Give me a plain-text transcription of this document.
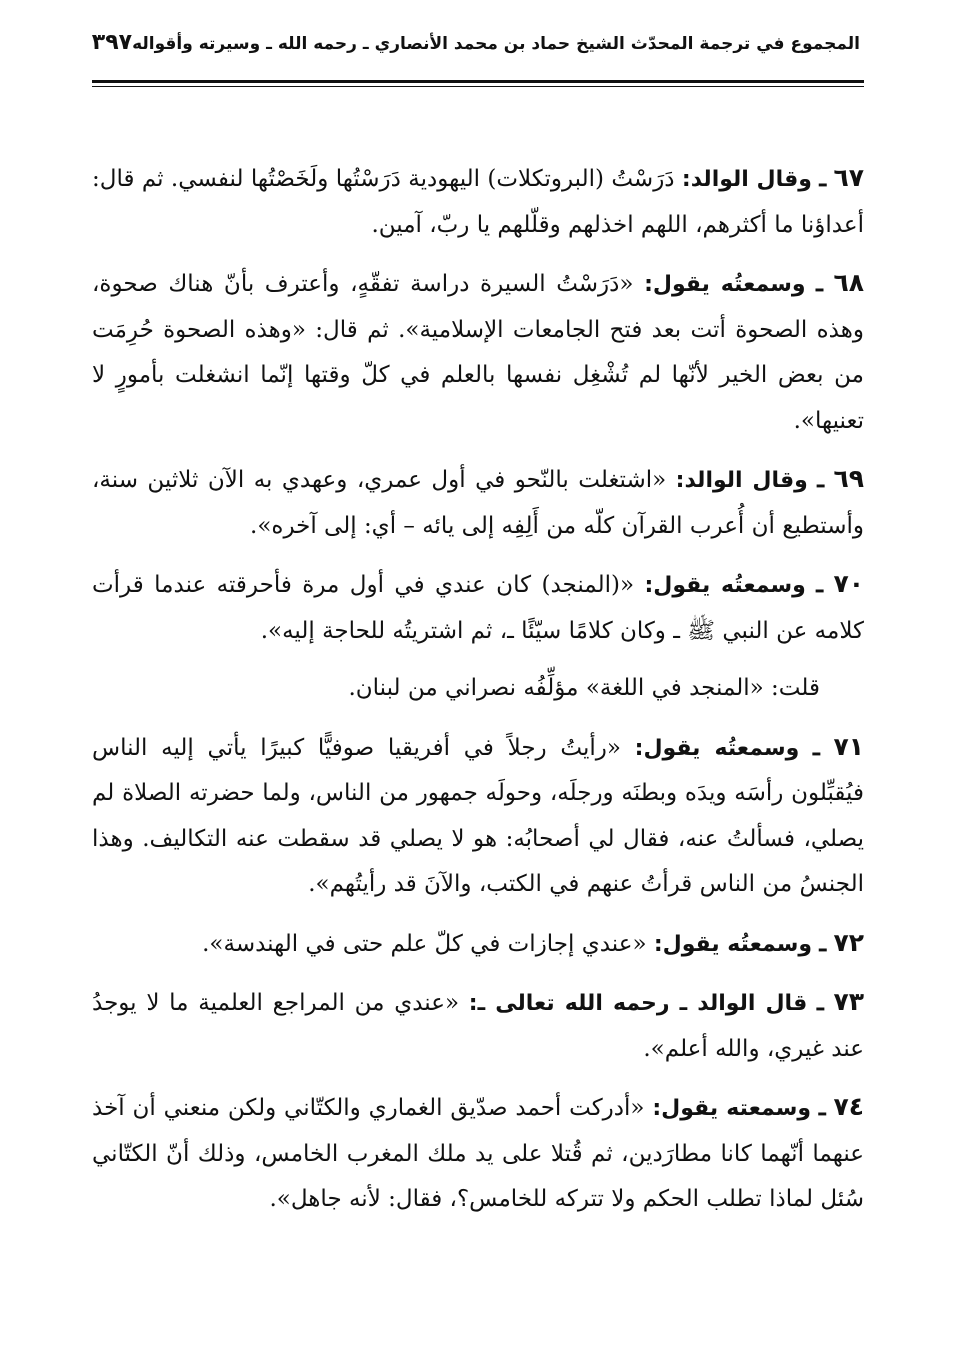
المجموع في ترجمة المحدّث الشيخ حماد بن محمد الأنصاري ـ رحمه الله ـ وسيرته وأقواله
٣٩٧

٦٧ ـ وقال الوالد: دَرَسْتُ (البروتكلات) اليهودية دَرَسْتُها ولَخَصْتُها لنفسي. ثم قال: أعداؤنا ما أكثرهم، اللهم اخذلهم وقلّلهم يا ربّ، آمين.

٦٨ ـ وسمعتُه يقول: «دَرَسْتُ السيرة دراسة تفقّهٍ، وأعترف بأنّ هناك صحوة، وهذه الصحوة أتت بعد فتح الجامعات الإسلامية». ثم قال: «وهذه الصحوة حُرِمَت من بعض الخير لأنّها لم تُشْغِل نفسها بالعلم في كلّ وقتها إنّما انشغلت بأمورٍ لا تعنيها».

٦٩ ـ وقال الوالد: «اشتغلت بالنّحو في أول عمري، وعهدي به الآن ثلاثين سنة، وأستطيع أن أُعرب القرآن كلّه من أَلِفِه إلى يائه – أي: إلى آخره».

٧٠ ـ وسمعتُه يقول: «(المنجد) كان عندي في أول مرة فأحرقته عندما قرأت كلامه عن النبي ﷺ ـ وكان كلامًا سيّئًا ـ، ثم اشتريتُه للحاجة إليه».

قلت: «المنجد في اللغة» مؤلِّفُه نصراني من لبنان.

٧١ ـ وسمعتُه يقول: «رأيتُ رجلاً في أفريقيا صوفيًّا كبيرًا يأتي إليه الناس فيُقبِّلون رأسَه ويدَه وبطنَه ورجلَه، وحولَه جمهور من الناس، ولما حضرته الصلاة لم يصلي، فسألتُ عنه، فقال لي أصحابُه: هو لا يصلي قد سقطت عنه التكاليف. وهذا الجنسُ من الناس قرأتُ عنهم في الكتب، والآنَ قد رأيتُهم».

٧٢ ـ وسمعتُه يقول: «عندي إجازات في كلّ علم حتى في الهندسة».

٧٣ ـ قال الوالد ـ رحمه الله تعالى ـ: «عندي من المراجع العلمية ما لا يوجدُ عند غيري، والله أعلم».

٧٤ ـ وسمعته يقول: «أدركت أحمد صدّيق الغماري والكتّاني ولكن منعني أن آخذ عنهما أنّهما كانا مطارَدين، ثم قُتلا على يد ملك المغرب الخامس، وذلك أنّ الكتّاني سُئل لماذا تطلب الحكم ولا تتركه للخامس؟، فقال: لأنه جاهل».
